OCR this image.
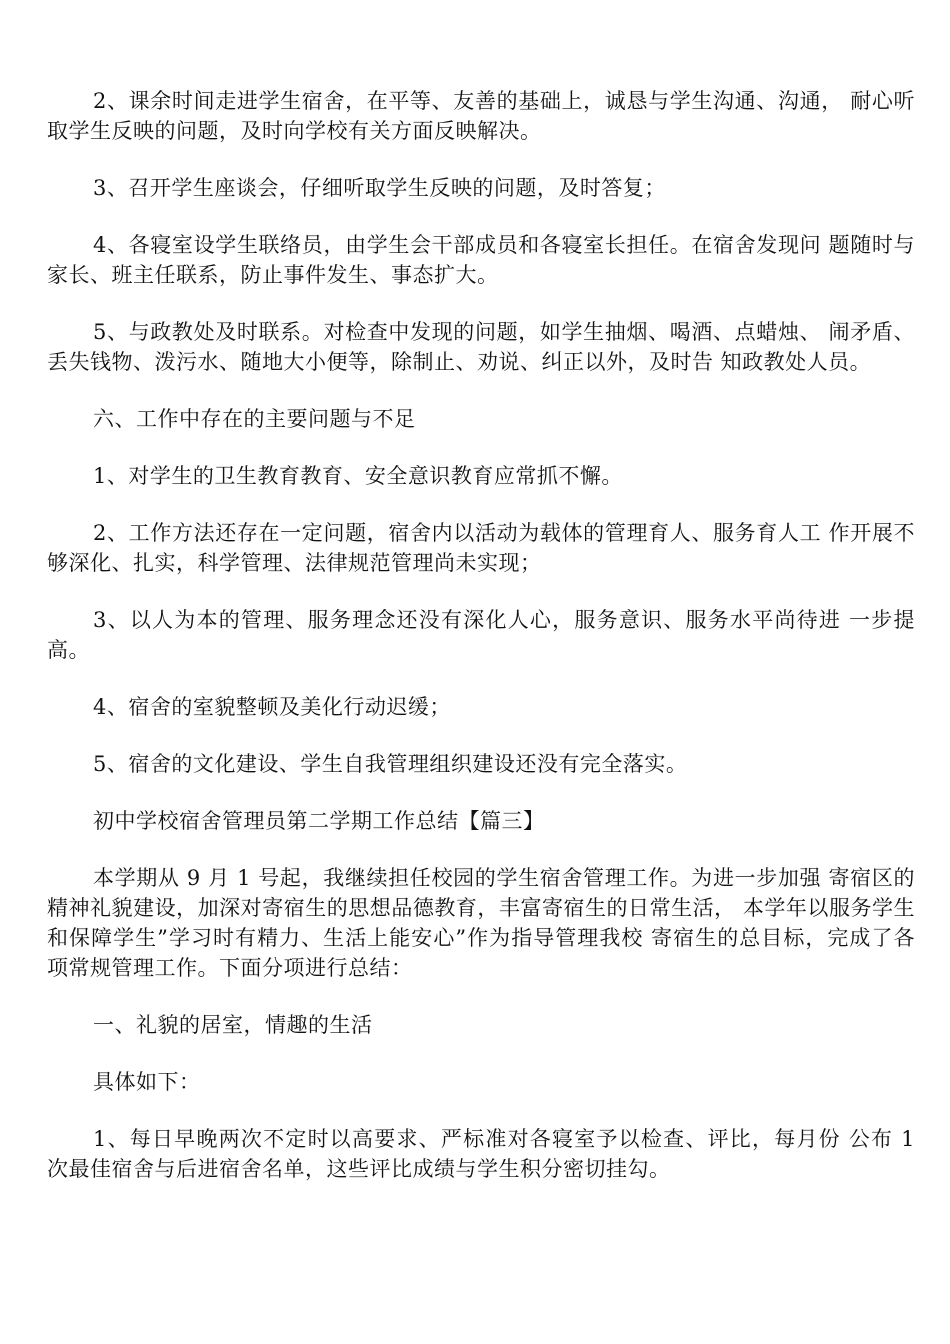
2、课余时间走进学生宿舍，在平等、友善的基础上，诚恳与学生沟通、沟通， 耐心听取学生反映的问题，及时向学校有关方面反映解决。

3、召开学生座谈会，仔细听取学生反映的问题，及时答复；

4、各寝室设学生联络员，由学生会干部成员和各寝室长担任。在宿舍发现问 题随时与家长、班主任联系，防止事件发生、事态扩大。

5、与政教处及时联系。对检查中发现的问题，如学生抽烟、喝酒、点蜡烛、 闹矛盾、丢失钱物、泼污水、随地大小便等，除制止、劝说、纠正以外，及时告 知政教处人员。

六、工作中存在的主要问题与不足

1、对学生的卫生教育教育、安全意识教育应常抓不懈。

2、工作方法还存在一定问题，宿舍内以活动为载体的管理育人、服务育人工 作开展不够深化、扎实，科学管理、法律规范管理尚未实现；

3、以人为本的管理、服务理念还没有深化人心，服务意识、服务水平尚待进 一步提高。

4、宿舍的室貌整顿及美化行动迟缓；

5、宿舍的文化建设、学生自我管理组织建设还没有完全落实。

初中学校宿舍管理员第二学期工作总结【篇三】

本学期从 9 月 1 号起，我继续担任校园的学生宿舍管理工作。为进一步加强 寄宿区的精神礼貌建设，加深对寄宿生的思想品德教育，丰富寄宿生的日常生活， 本学年以服务学生和保障学生”学习时有精力、生活上能安心”作为指导管理我校 寄宿生的总目标，完成了各项常规管理工作。下面分项进行总结：

一、礼貌的居室，情趣的生活

具体如下：

1、每日早晚两次不定时以高要求、严标准对各寝室予以检查、评比，每月份 公布 1 次最佳宿舍与后进宿舍名单，这些评比成绩与学生积分密切挂勾。
